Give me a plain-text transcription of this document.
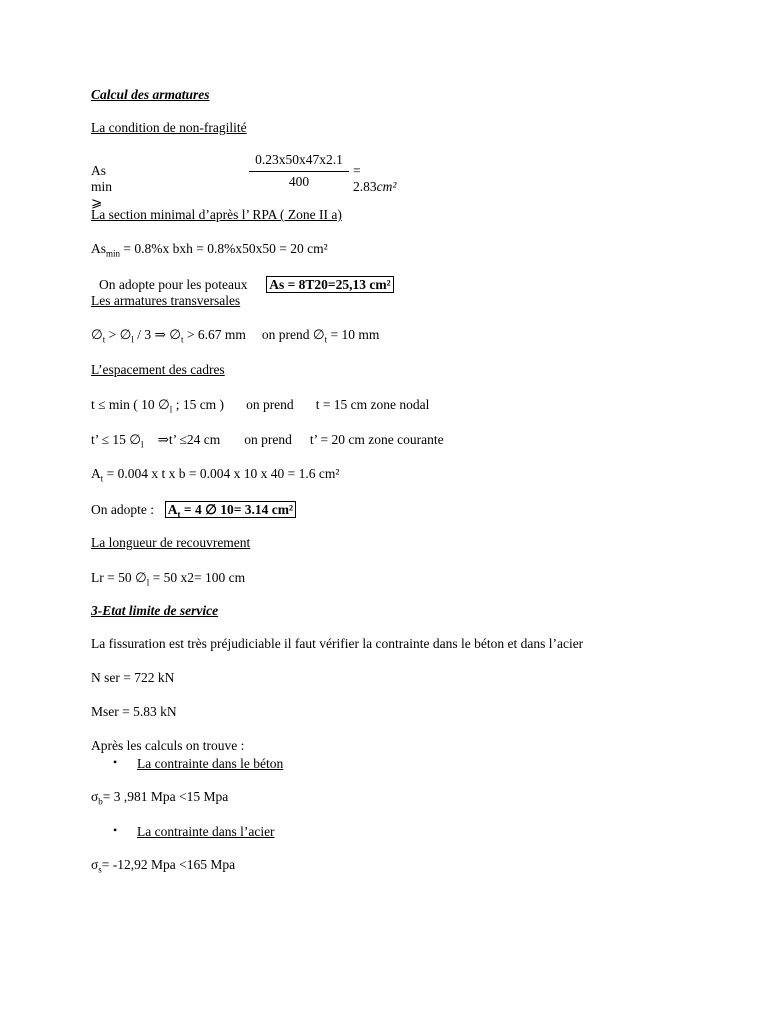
Calcul des armatures
La condition de non-fragilité
As min ⩾
0.23x50x47x2.1
400
= 2.83cm²
La section minimal d’après l’ RPA ( Zone II a)
$As_{min} = 0.8\%x$ bxh = 0.8%x50x50 = 20 cm²
On adopte pour les poteaux As = 8T20=25,13 cm²
Les armatures transversales
$\emptyset_t$ > $\emptyset_l / 3$ ⇒ $\emptyset_t > 6.67$ mm on prend $\emptyset_t = 10$ mm
L’espacement des cadres
t ≤ min ( 10 $\emptyset_l$ ; 15 cm ) on prend t = 15 cm zone nodal
t’ ≤ 15 $\emptyset_l$ ⇒t’ ≤24 cm on prend t’ = 20 cm zone courante
$A_t = 0.004$ x t x b = 0.004 x 10 x 40 = 1.6 cm²
On adopte : $A_t = 4$ ∅ 10= 3.14 cm²
La longueur de recouvrement
Lr = 50 $\emptyset_l = 50$ x2= 100 cm
3-Etat limite de service
La fissuration est très préjudiciable il faut vérifier la contrainte dans le béton et dans l’acier
N ser = 722 kN
Mser = 5.83 kN
Après les calculs on trouve :
• La contrainte dans le béton
$\sigma_b= 3$ ,981 Mpa <15 Mpa
• La contrainte dans l’acier
$\sigma_s= -12,92$ Mpa <165 Mpa
